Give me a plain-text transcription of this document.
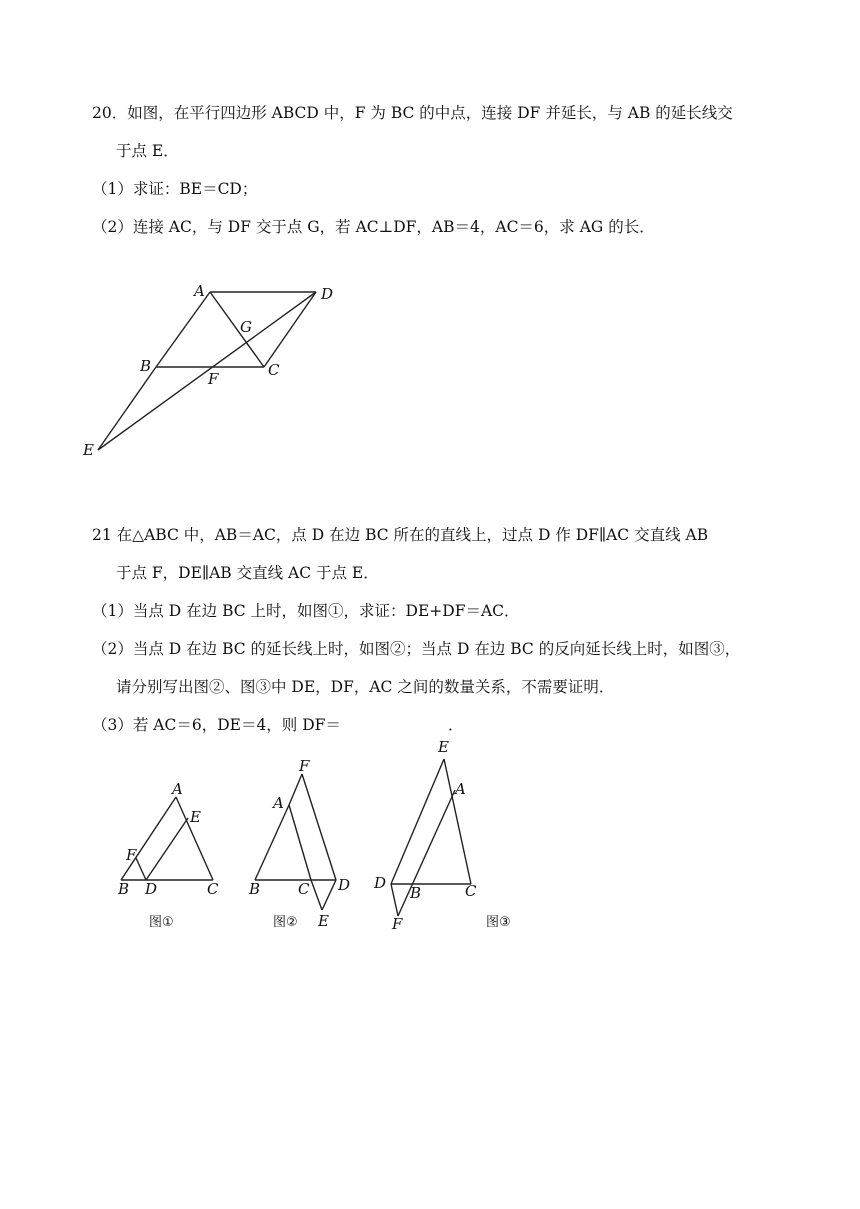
20．如图，在平行四边形 ABCD 中，F 为 BC 的中点，连接 DF 并延长，与 AB 的延长线交
于点 E．
（1）求证：BE＝CD；
（2）连接 AC，与 DF 交于点 G，若 AC⊥DF，AB＝4，AC＝6，求 AG 的长．
A	D
G
B
F	C
E
21 在△ABC 中，AB＝AC，点 D 在边 BC 所在的直线上，过点 D 作 DF∥AC 交直线 AB
于点 F，DE∥AB 交直线 AC 于点 E．
（1）当点 D 在边 BC 上时，如图①，求证：DE+DF＝AC．
（2）当点 D 在边 BC 的延长线上时，如图②；当点 D 在边 BC 的反向延长线上时，如图③，
请分别写出图②、图③中 DE，DF，AC 之间的数量关系，不需要证明．
（3）若 AC＝6，DE＝4，则 DF＝	．
A
E
F
B D	C
图①
F
A
B	C D
E
图②
E
A
D
B	C
F	图③
